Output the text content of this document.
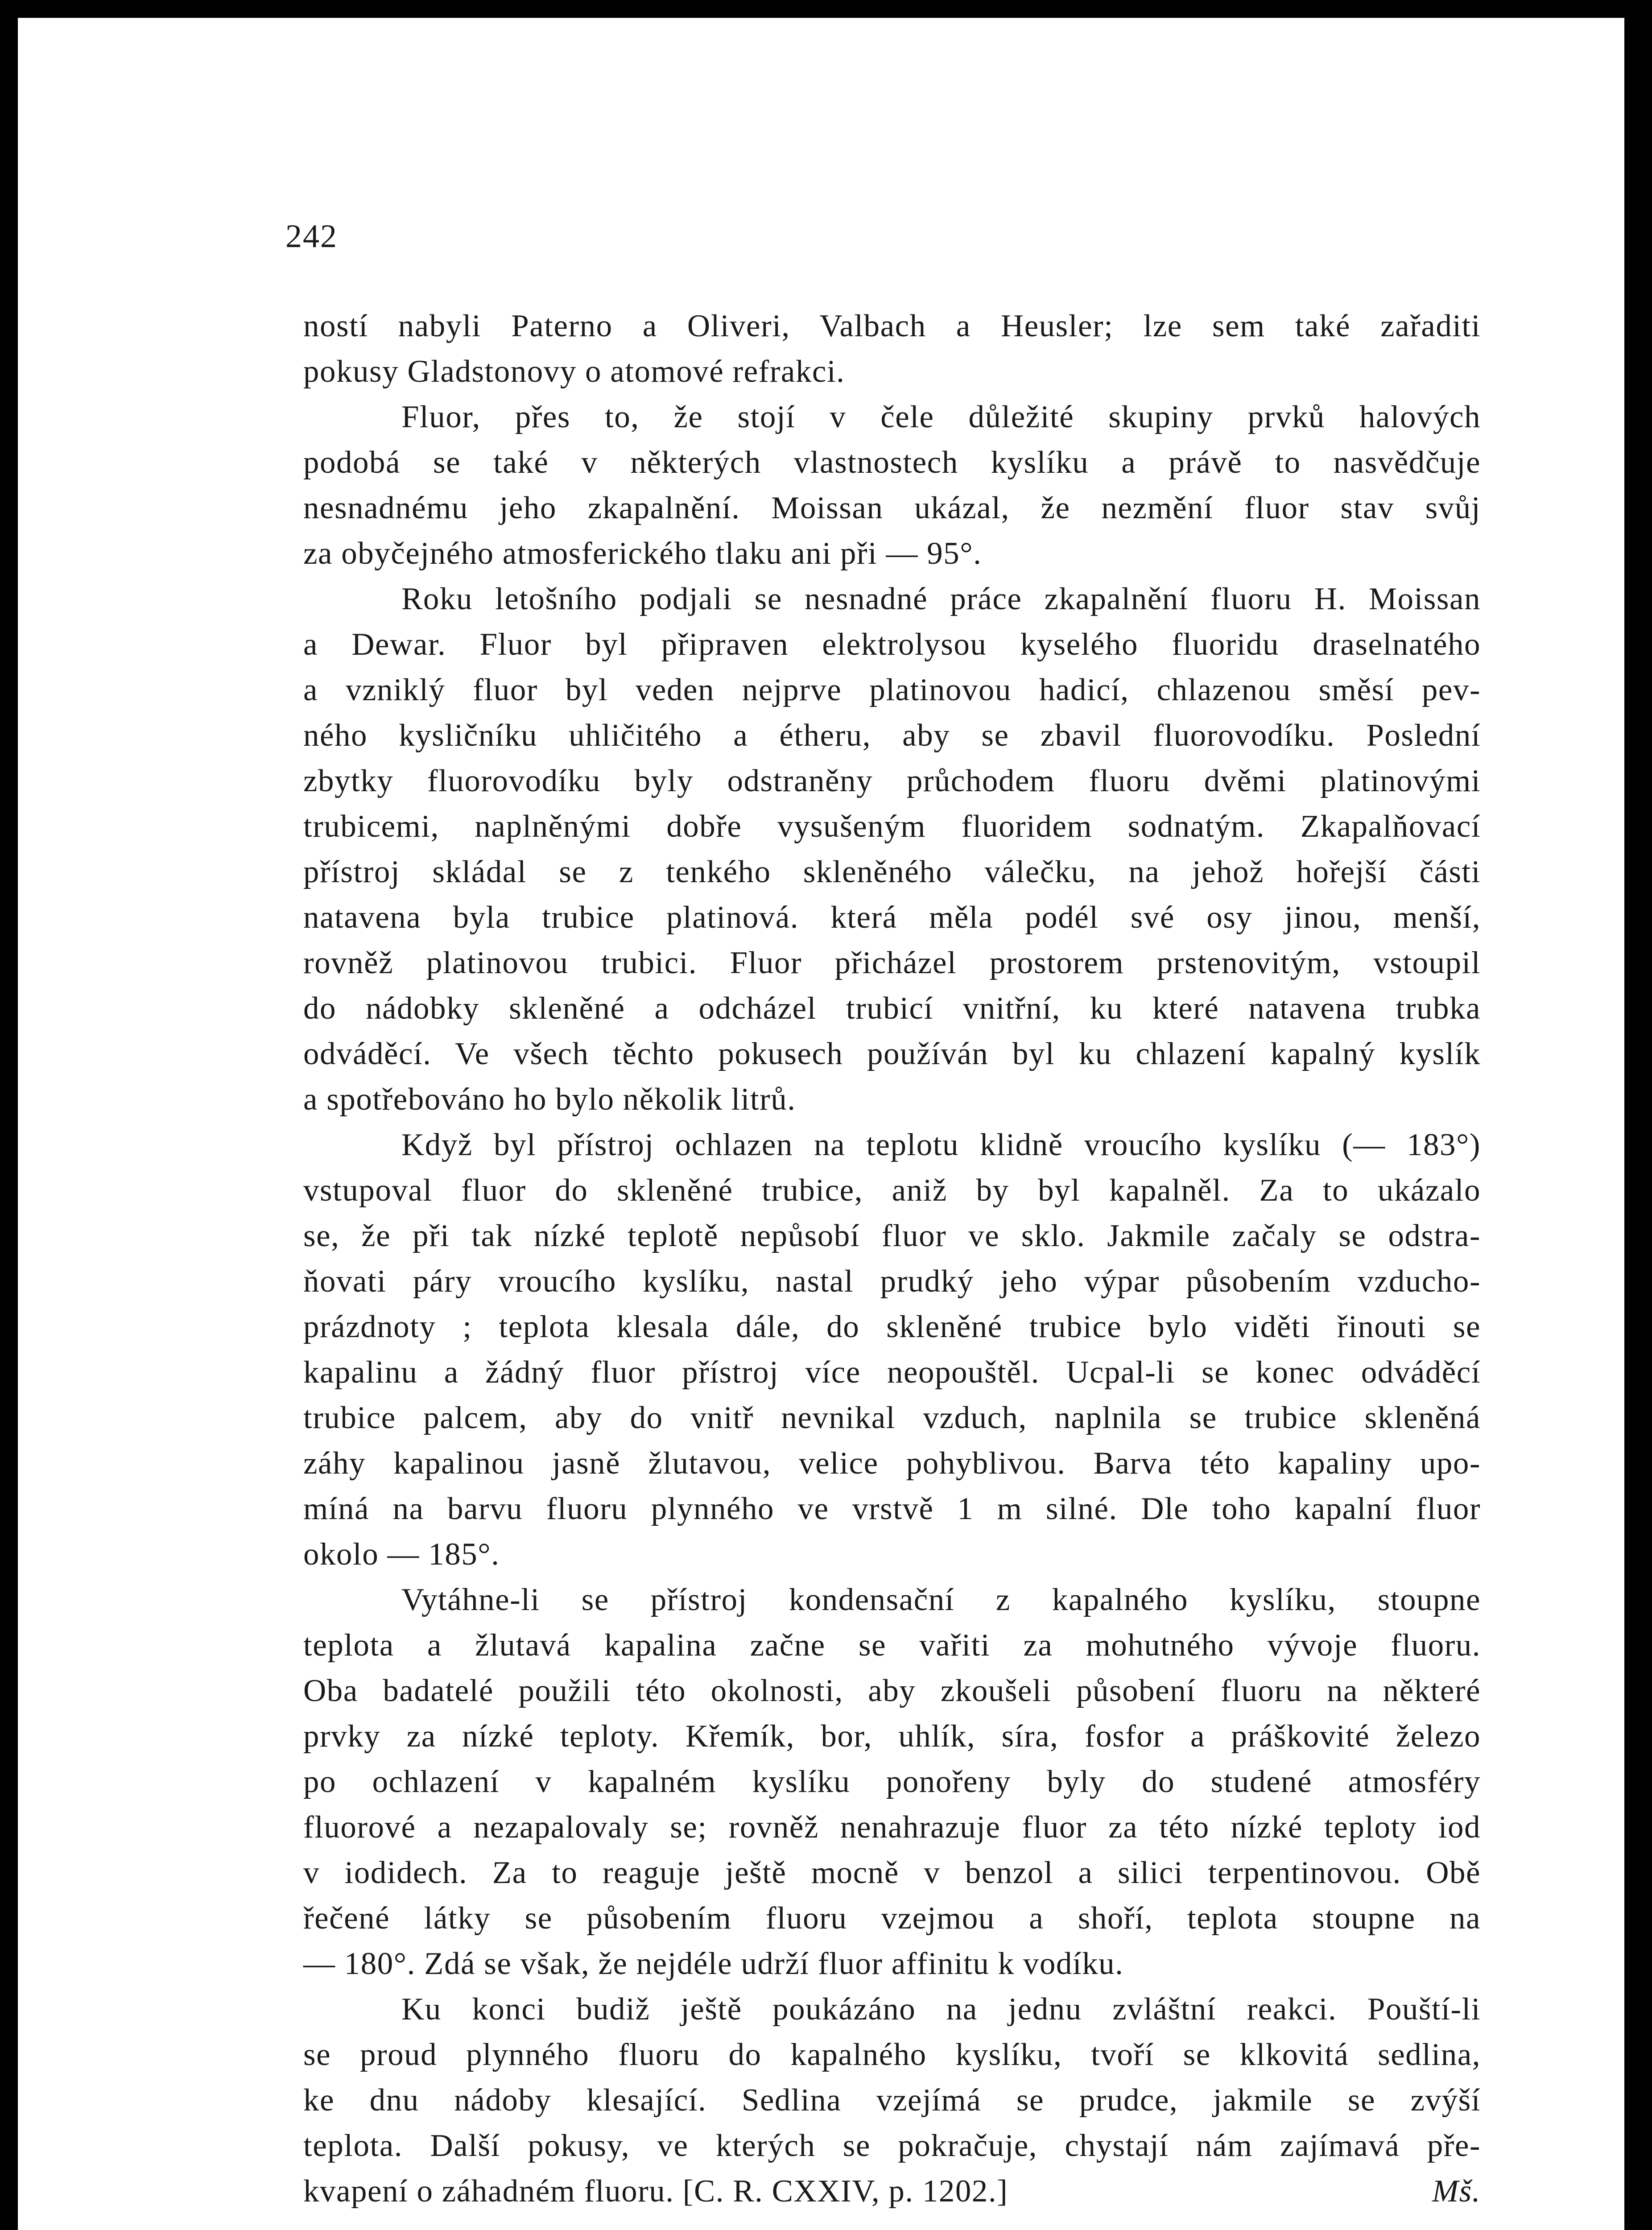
242

ností nabyli Paterno a Oliveri, Valbach a Heusler; lze sem také zařaditi
pokusy Gladstonovy o atomové refrakci.

Fluor, přes to, že stojí v čele důležité skupiny prvků halových
podobá se také v některých vlastnostech kyslíku a právě to nasvědčuje
nesnadnému jeho zkapalnění. Moissan ukázal, že nezmění fluor stav svůj
za obyčejného atmosferického tlaku ani při — 95°.

Roku letošního podjali se nesnadné práce zkapalnění fluoru H. Moissan
a Dewar. Fluor byl připraven elektrolysou kyselého fluoridu draselnatého
a vzniklý fluor byl veden nejprve platinovou hadicí, chlazenou směsí pev-
ného kysličníku uhličitého a étheru, aby se zbavil fluorovodíku. Poslední
zbytky fluorovodíku byly odstraněny průchodem fluoru dvěmi platinovými
trubicemi, naplněnými dobře vysušeným fluoridem sodnatým. Zkapalňovací
přístroj skládal se z tenkého skleněného válečku, na jehož hořejší části
natavena byla trubice platinová. která měla podél své osy jinou, menší,
rovněž platinovou trubici. Fluor přicházel prostorem prstenovitým, vstoupil
do nádobky skleněné a odcházel trubicí vnitřní, ku které natavena trubka
odváděcí. Ve všech těchto pokusech používán byl ku chlazení kapalný kyslík
a spotřebováno ho bylo několik litrů.

Když byl přístroj ochlazen na teplotu klidně vroucího kyslíku (— 183°)
vstupoval fluor do skleněné trubice, aniž by byl kapalněl. Za to ukázalo
se, že při tak nízké teplotě nepůsobí fluor ve sklo. Jakmile začaly se odstra-
ňovati páry vroucího kyslíku, nastal prudký jeho výpar působením vzducho-
prázdnoty ; teplota klesala dále, do skleněné trubice bylo viděti řinouti se
kapalinu a žádný fluor přístroj více neopouštěl. Ucpal-li se konec odváděcí
trubice palcem, aby do vnitř nevnikal vzduch, naplnila se trubice skleněná
záhy kapalinou jasně žlutavou, velice pohyblivou. Barva této kapaliny upo-
míná na barvu fluoru plynného ve vrstvě 1 m silné. Dle toho kapalní fluor
okolo — 185°.

Vytáhne-li se přístroj kondensační z kapalného kyslíku, stoupne
teplota a žlutavá kapalina začne se vařiti za mohutného vývoje fluoru.
Oba badatelé použili této okolnosti, aby zkoušeli působení fluoru na některé
prvky za nízké teploty. Křemík, bor, uhlík, síra, fosfor a práškovité železo
po ochlazení v kapalném kyslíku ponořeny byly do studené atmosféry
fluorové a nezapalovaly se; rovněž nenahrazuje fluor za této nízké teploty iod
v iodidech. Za to reaguje ještě mocně v benzol a silici terpentinovou. Obě
řečené látky se působením fluoru vzejmou a shoří, teplota stoupne na
— 180°. Zdá se však, že nejdéle udrží fluor affinitu k vodíku.

Ku konci budiž ještě poukázáno na jednu zvláštní reakci. Pouští-li
se proud plynného fluoru do kapalného kyslíku, tvoří se klkovitá sedlina,
ke dnu nádoby klesající. Sedlina vzejímá se prudce, jakmile se zvýší
teplota. Další pokusy, ve kterých se pokračuje, chystají nám zajímavá pře-
Mš.
kvapení o záhadném fluoru. [C. R. CXXIV, p. 1202.]
